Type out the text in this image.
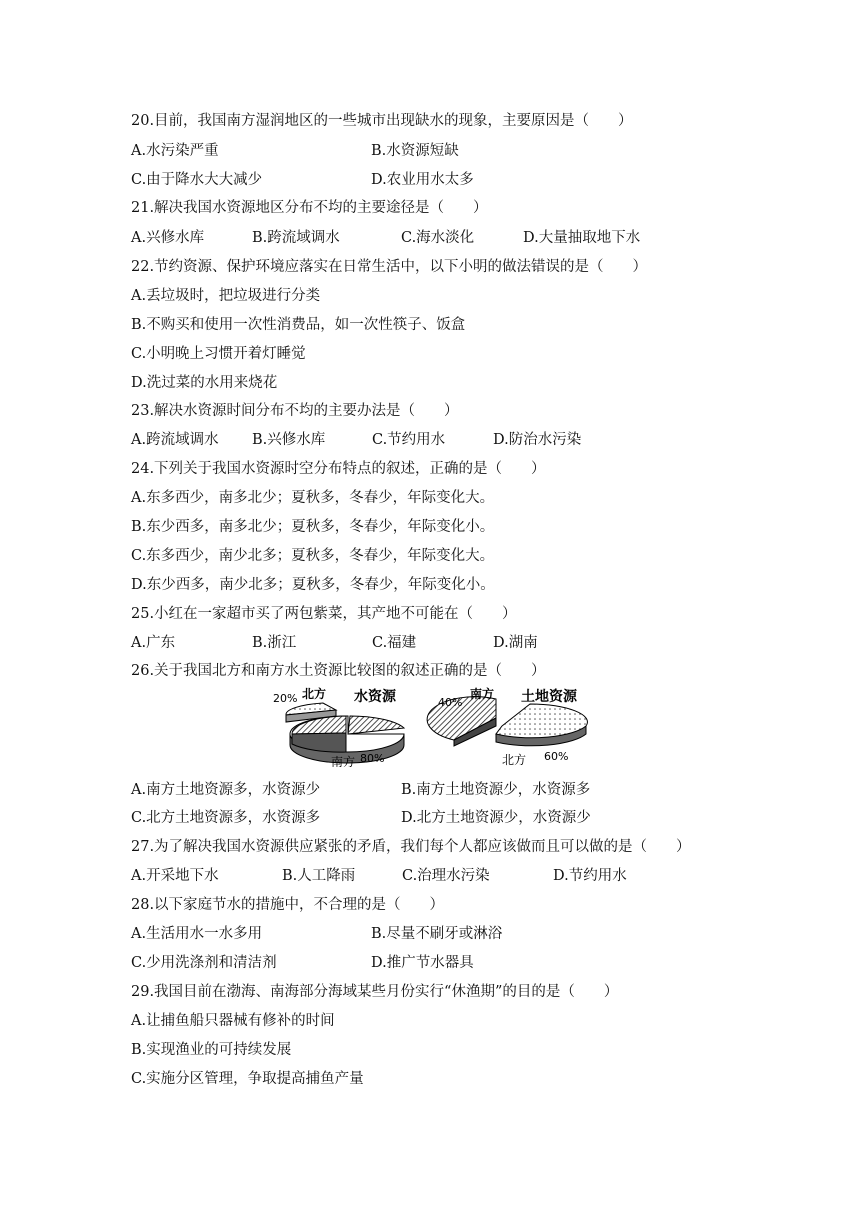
20.目前，我国南方湿润地区的一些城市出现缺水的现象，主要原因是（　　）
A.水污染严重	B.水资源短缺
C.由于降水大大减少	D.农业用水太多
21.解决我国水资源地区分布不均的主要途径是（　　）
A.兴修水库	B.跨流域调水	C.海水淡化	D.大量抽取地下水
22.节约资源、保护环境应落实在日常生活中，以下小明的做法错误的是（　　）
A.丢垃圾时，把垃圾进行分类
B.不购买和使用一次性消费品，如一次性筷子、饭盒
C.小明晚上习惯开着灯睡觉
D.洗过菜的水用来烧花
23.解决水资源时间分布不均的主要办法是（　　）
A.跨流域调水 B.兴修水库	C.节约用水	D.防治水污染
24.下列关于我国水资源时空分布特点的叙述，正确的是（　　）
A.东多西少，南多北少；夏秋多，冬春少，年际变化大。
B.东少西多，南多北少；夏秋多，冬春少，年际变化小。
C.东多西少，南少北多；夏秋多，冬春少，年际变化大。
D.东少西多，南少北多；夏秋多，冬春少，年际变化小。
25.小红在一家超市买了两包紫菜，其产地不可能在（　　）
A.广东	B.浙江	C.福建	D.湖南
26.关于我国北方和南方水土资源比较图的叙述正确的是（　　）
20% 北方 水资源
南方 80%
40%
南方 土地资源
北方 60%
A.南方土地资源多，水资源少	B.南方土地资源少，水资源多
C.北方土地资源多，水资源多	D.北方土地资源少，水资源少
27.为了解决我国水资源供应紧张的矛盾，我们每个人都应该做而且可以做的是（　　）
A.开采地下水	B.人工降雨	C.治理水污染	D.节约用水
28.以下家庭节水的措施中，不合理的是（　　）
A.生活用水一水多用	B.尽量不刷牙或淋浴
C.少用洗涤剂和清洁剂	D.推广节水器具
29.我国目前在渤海、南海部分海域某些月份实行“休渔期”的目的是（　　）
A.让捕鱼船只器械有修补的时间
B.实现渔业的可持续发展
C.实施分区管理，争取提高捕鱼产量
